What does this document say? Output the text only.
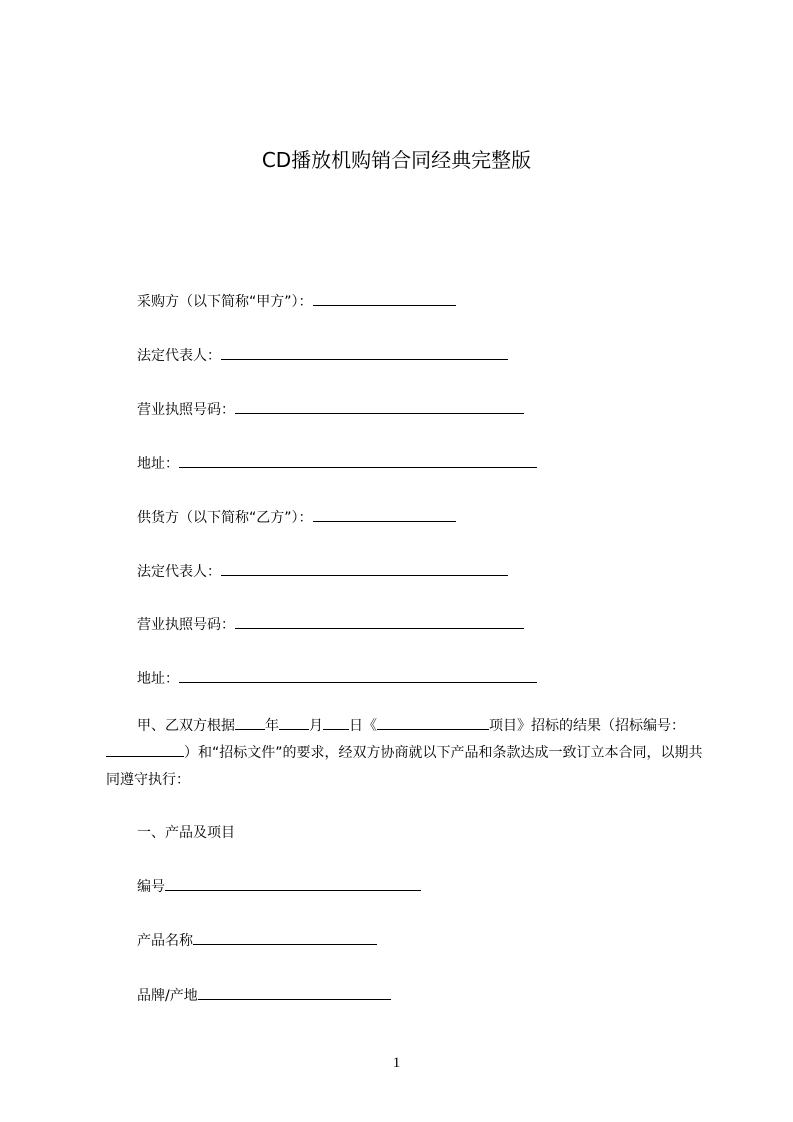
CD播放机购销合同经典完整版
采购方（以下简称“甲方”）：
法定代表人：
营业执照号码：
地址：
供货方（以下简称“乙方”）：
法定代表人：
营业执照号码：
地址：
甲、乙双方根据 年 月 日《	项目》招标的结果（招标编号：）和“招标文件”的要求，经双方协商就以下产品和条款达成一致订立本合同，以期共同遵守执行：
一、产品及项目
编号
产品名称
品牌/产地
1
